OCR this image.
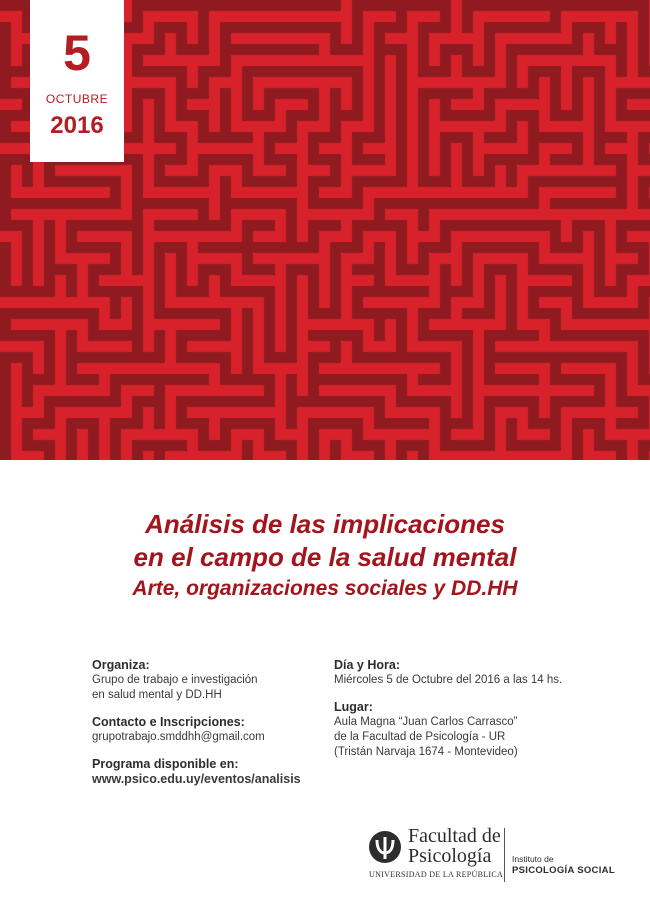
5
OCTUBRE
2016
Análisis de las implicaciones
en el campo de la salud mental
Arte, organizaciones sociales y DD.HH
Organiza:
Grupo de trabajo e investigación
en salud mental y DD.HH
Contacto e Inscripciones:
grupotrabajo.smddhh@gmail.com
Programa disponible en:
www.psico.edu.uy/eventos/analisis
Día y Hora:
Miércoles 5 de Octubre del 2016 a las 14 hs.
Lugar:
Aula Magna “Juan Carlos Carrasco”
de la Facultad de Psicología - UR
(Tristán Narvaja 1674 - Montevideo)
Facultad de
Psicología
UNIVERSIDAD DE LA REPÚBLICA
Instituto de
PSICOLOGÍA SOCIAL
